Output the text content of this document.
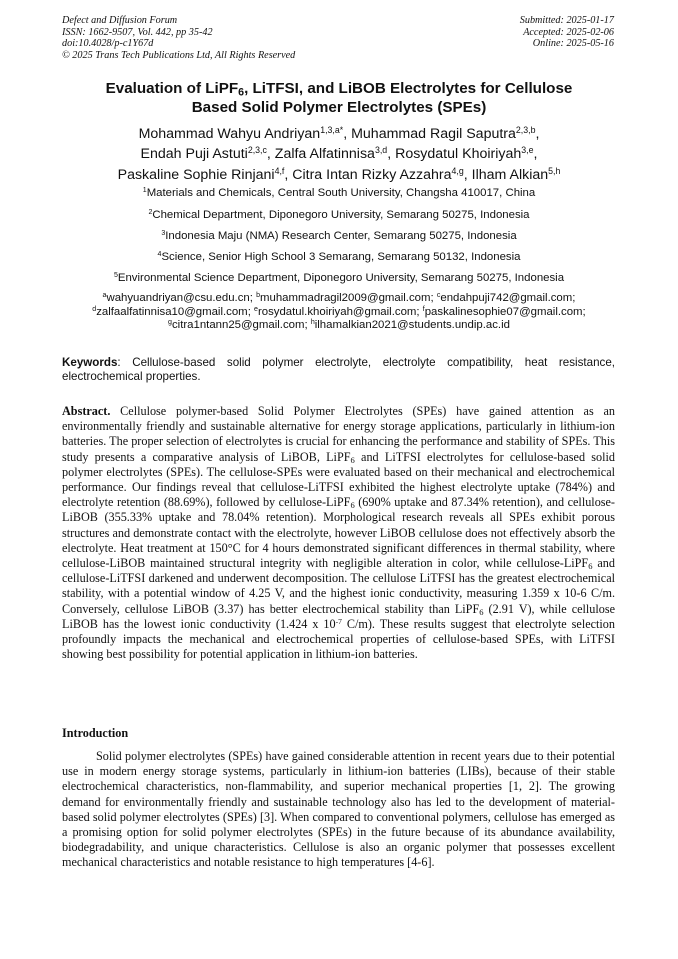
Defect and Diffusion Forum
ISSN: 1662-9507, Vol. 442, pp 35-42
doi:10.4028/p-c1Y67d
© 2025 Trans Tech Publications Ltd, All Rights Reserved
Submitted: 2025-01-17
Accepted: 2025-02-06
Online: 2025-05-16
Evaluation of LiPF$_6$, LiTFSI, and LiBOB Electrolytes for Cellulose
Based Solid Polymer Electrolytes (SPEs)
Mohammad Wahyu Andriyan$^{1,3,a*}$, Muhammad Ragil Saputra$^{2,3,b}$,
Endah Puji Astuti$^{2,3,c}$, Zalfa Alfatinnisa$^{3,d}$, Rosydatul Khoiriyah$^{3,e}$,
Paskaline Sophie Rinjani$^{4,f}$, Citra Intan Rizky Azzahra$^{4,g}$, Ilham Alkian$^{5,h}$
$^1$Materials and Chemicals, Central South University, Changsha 410017, China
$^2$Chemical Department, Diponegoro University, Semarang 50275, Indonesia
$^3$Indonesia Maju (NMA) Research Center, Semarang 50275, Indonesia
$^4$Science, Senior High School 3 Semarang, Semarang 50132, Indonesia
$^5$Environmental Science Department, Diponegoro University, Semarang 50275, Indonesia
$^a$wahyuandriyan@csu.edu.cn; $^b$muhammadragil2009@gmail.com; $^c$endahpuji742@gmail.com;
$^d$zalfaalfatinnisa10@gmail.com; $^e$rosydatul.khoiriyah@gmail.com; $^f$paskalinesophie07@gmail.com;
$^g$citra1ntann25@gmail.com; $^h$ilhamalkian2021@students.undip.ac.id
Keywords: Cellulose-based solid polymer electrolyte, electrolyte compatibility, heat resistance, electrochemical properties.
Abstract. Cellulose polymer-based Solid Polymer Electrolytes (SPEs) have gained attention as an environmentally friendly and sustainable alternative for energy storage applications, particularly in lithium-ion batteries. The proper selection of electrolytes is crucial for enhancing the performance and stability of SPEs. This study presents a comparative analysis of LiBOB, LiPF$_6$ and LiTFSI electrolytes for cellulose-based solid polymer electrolytes (SPEs). The cellulose-SPEs were evaluated based on their mechanical and electrochemical performance. Our findings reveal that cellulose-LiTFSI exhibited the highest electrolyte uptake (784%) and electrolyte retention (88.69%), followed by cellulose-LiPF$_6$ (690% uptake and 87.34% retention), and cellulose-LiBOB (355.33% uptake and 78.04% retention). Morphological research reveals all SPEs exhibit porous structures and demonstrate contact with the electrolyte, however LiBOB cellulose does not effectively absorb the electrolyte. Heat treatment at 150°C for 4 hours demonstrated significant differences in thermal stability, where cellulose-LiBOB maintained structural integrity with negligible alteration in color, while cellulose-LiPF$_6$ and cellulose-LiTFSI darkened and underwent decomposition. The cellulose LiTFSI has the greatest electrochemical stability, with a potential window of 4.25 V, and the highest ionic conductivity, measuring 1.359 x 10-6 C/m. Conversely, cellulose LiBOB (3.37) has better electrochemical stability than LiPF$_6$ (2.91 V), while cellulose LiBOB has the lowest ionic conductivity (1.424 x $10^{-7}$ C/m). These results suggest that electrolyte selection profoundly impacts the mechanical and electrochemical properties of cellulose-based SPEs, with LiTFSI showing best possibility for potential application in lithium-ion batteries.
Introduction
Solid polymer electrolytes (SPEs) have gained considerable attention in recent years due to their potential use in modern energy storage systems, particularly in lithium-ion batteries (LIBs), because of their stable electrochemical characteristics, non-flammability, and superior mechanical properties [1, 2]. The growing demand for environmentally friendly and sustainable technology also has led to the development of material-based solid polymer electrolytes (SPEs) [3]. When compared to conventional polymers, cellulose has emerged as a promising option for solid polymer electrolytes (SPEs) in the future because of its abundance availability, biodegradability, and unique characteristics. Cellulose is also an organic polymer that possesses excellent mechanical characteristics and notable resistance to high temperatures [4-6].
